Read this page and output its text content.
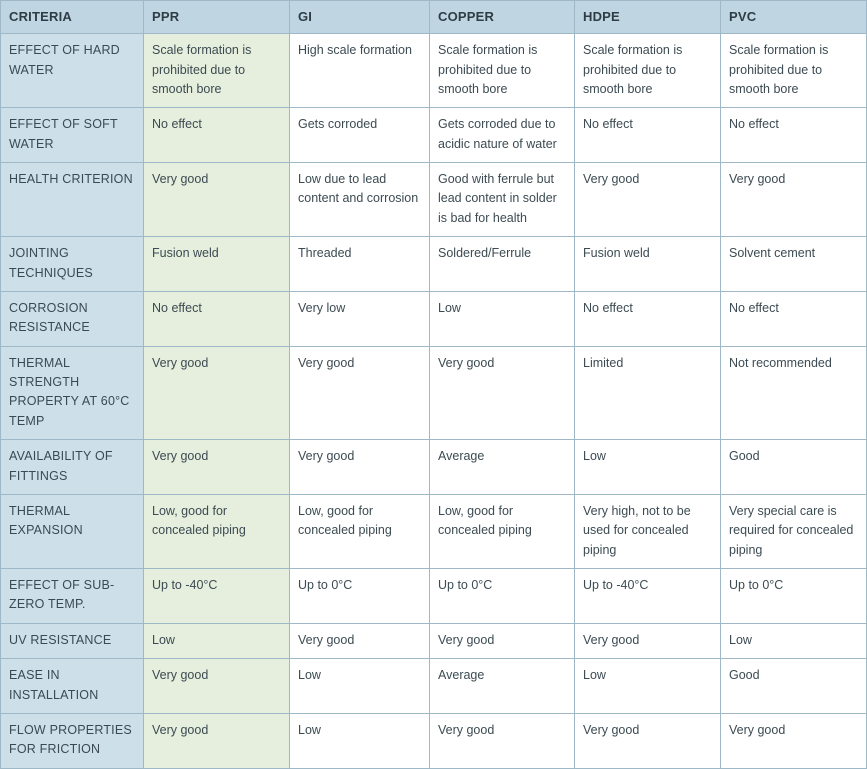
CRITERIA	PPR	GI	COPPER	HDPE	PVC
EFFECT OF HARD WATER	Scale formation is prohibited due to smooth bore	High scale formation	Scale formation is prohibited due to smooth bore	Scale formation is prohibited due to smooth bore	Scale formation is prohibited due to smooth bore
EFFECT OF SOFT WATER	No effect	Gets corroded	Gets corroded due to acidic nature of water	No effect	No effect
HEALTH CRITERION	Very good	Low due to lead content and corrosion	Good with ferrule but lead content in solder is bad for health	Very good	Very good
JOINTING TECHNIQUES	Fusion weld	Threaded	Soldered/Ferrule	Fusion weld	Solvent cement
CORROSION RESISTANCE	No effect	Very low	Low	No effect	No effect
THERMAL STRENGTH PROPERTY AT 60°C TEMP	Very good	Very good	Very good	Limited	Not recommended
AVAILABILITY OF FITTINGS	Very good	Very good	Average	Low	Good
THERMAL EXPANSION	Low, good for concealed piping	Low, good for concealed piping	Low, good for concealed piping	Very high, not to be used for concealed piping	Very special care is required for concealed piping
EFFECT OF SUB-ZERO TEMP.	Up to -40°C	Up to 0°C	Up to 0°C	Up to -40°C	Up to 0°C
UV RESISTANCE	Low	Very good	Very good	Very good	Low
EASE IN INSTALLATION	Very good	Low	Average	Low	Good
FLOW PROPERTIES FOR FRICTION	Very good	Low	Very good	Very good	Very good
